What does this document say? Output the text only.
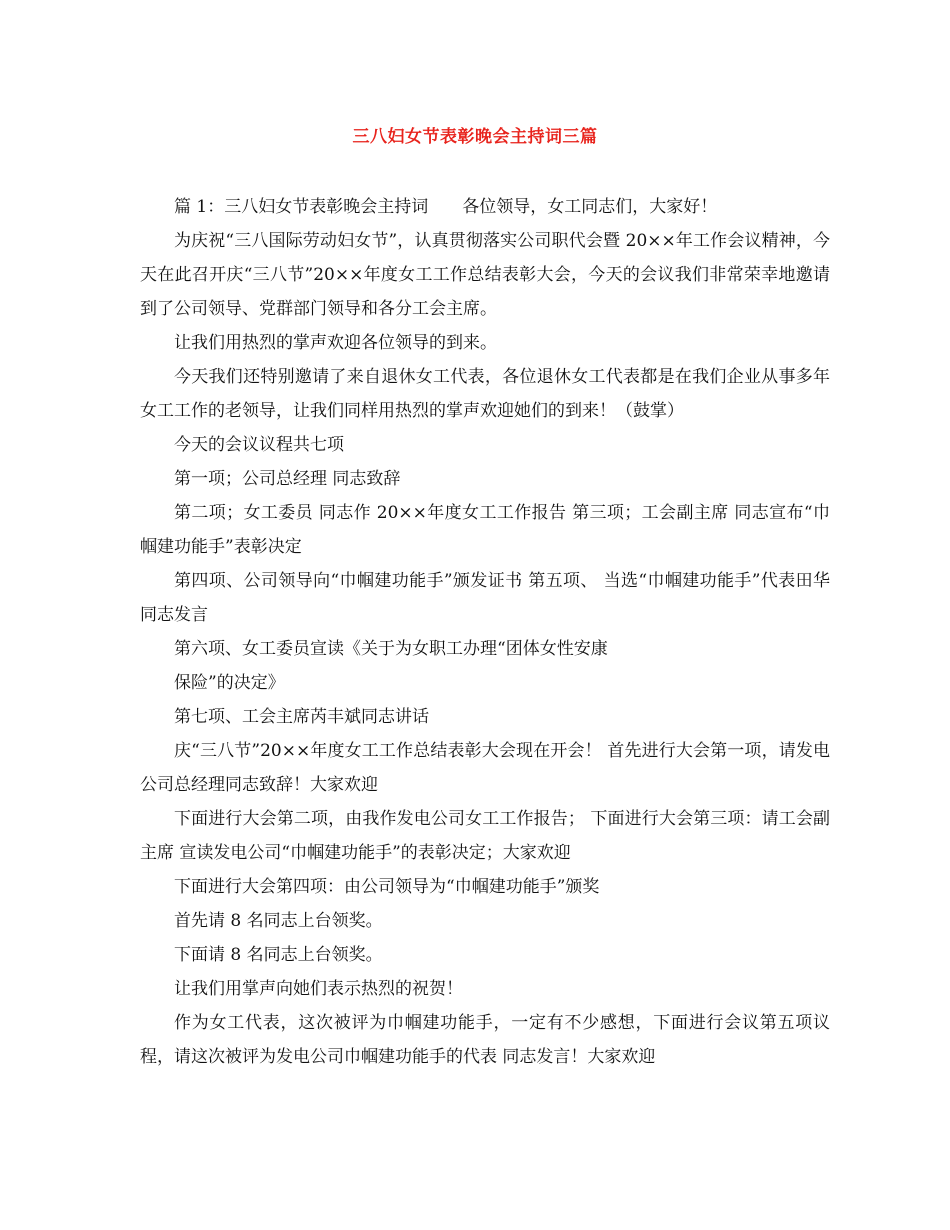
三八妇女节表彰晚会主持词三篇

篇 1：三八妇女节表彰晚会主持词　　各位领导，女工同志们，大家好！

为庆祝“三八国际劳动妇女节”，认真贯彻落实公司职代会暨 20××年工作会议精神，今天在此召开庆“三八节”20××年度女工工作总结表彰大会，今天的会议我们非常荣幸地邀请到了公司领导、党群部门领导和各分工会主席。

让我们用热烈的掌声欢迎各位领导的到来。

今天我们还特别邀请了来自退休女工代表，各位退休女工代表都是在我们企业从事多年女工工作的老领导，让我们同样用热烈的掌声欢迎她们的到来！（鼓掌）

今天的会议议程共七项

第一项；公司总经理 同志致辞

第二项；女工委员 同志作 20××年度女工工作报告 第三项；工会副主席 同志宣布“巾帼建功能手”表彰决定

第四项、公司领导向“巾帼建功能手”颁发证书 第五项、 当选“巾帼建功能手”代表田华同志发言

第六项、女工委员宣读《关于为女职工办理“团体女性安康

保险”的决定》

第七项、工会主席芮丰斌同志讲话

庆“三八节”20××年度女工工作总结表彰大会现在开会！ 首先进行大会第一项，请发电公司总经理同志致辞！大家欢迎

下面进行大会第二项，由我作发电公司女工工作报告； 下面进行大会第三项：请工会副主席 宣读发电公司“巾帼建功能手”的表彰决定；大家欢迎

下面进行大会第四项：由公司领导为“巾帼建功能手”颁奖

首先请 8 名同志上台领奖。

下面请 8 名同志上台领奖。

让我们用掌声向她们表示热烈的祝贺！

作为女工代表，这次被评为巾帼建功能手，一定有不少感想，下面进行会议第五项议程，请这次被评为发电公司巾帼建功能手的代表 同志发言！大家欢迎
